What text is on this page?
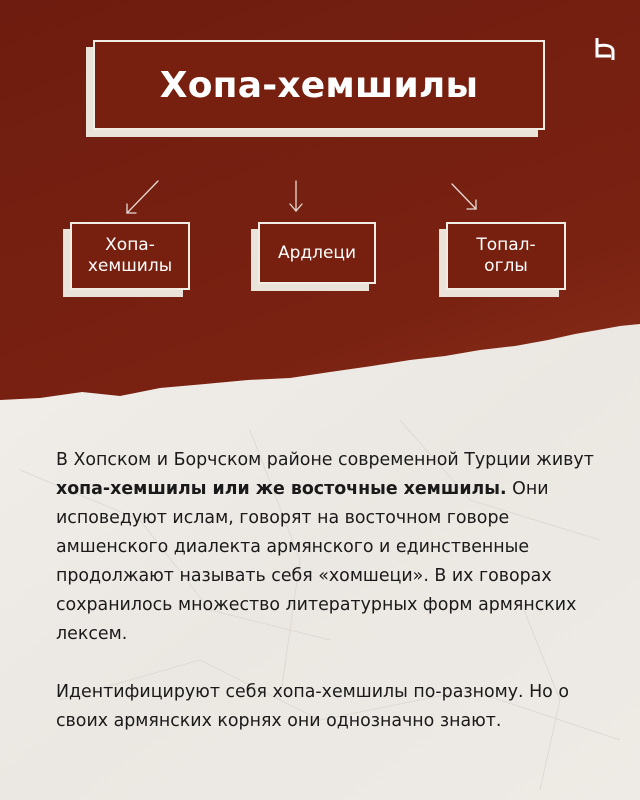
Хопа-хемшилы
Хопа-
хемшилы
Ардлеци	Топал-
оглы

В Хопском и Борчском районе современной Турции живут хопа-хемшилы или же восточные хемшилы. Они исповедуют ислам, говорят на восточном говоре амшенского диалекта армянского и единственные продолжают называть себя «хомшеци». В их говорах сохранилось множество литературных форм армянских лексем.

Идентифицируют себя хопа-хемшилы по-разному. Но о своих армянских корнях они однозначно знают.
